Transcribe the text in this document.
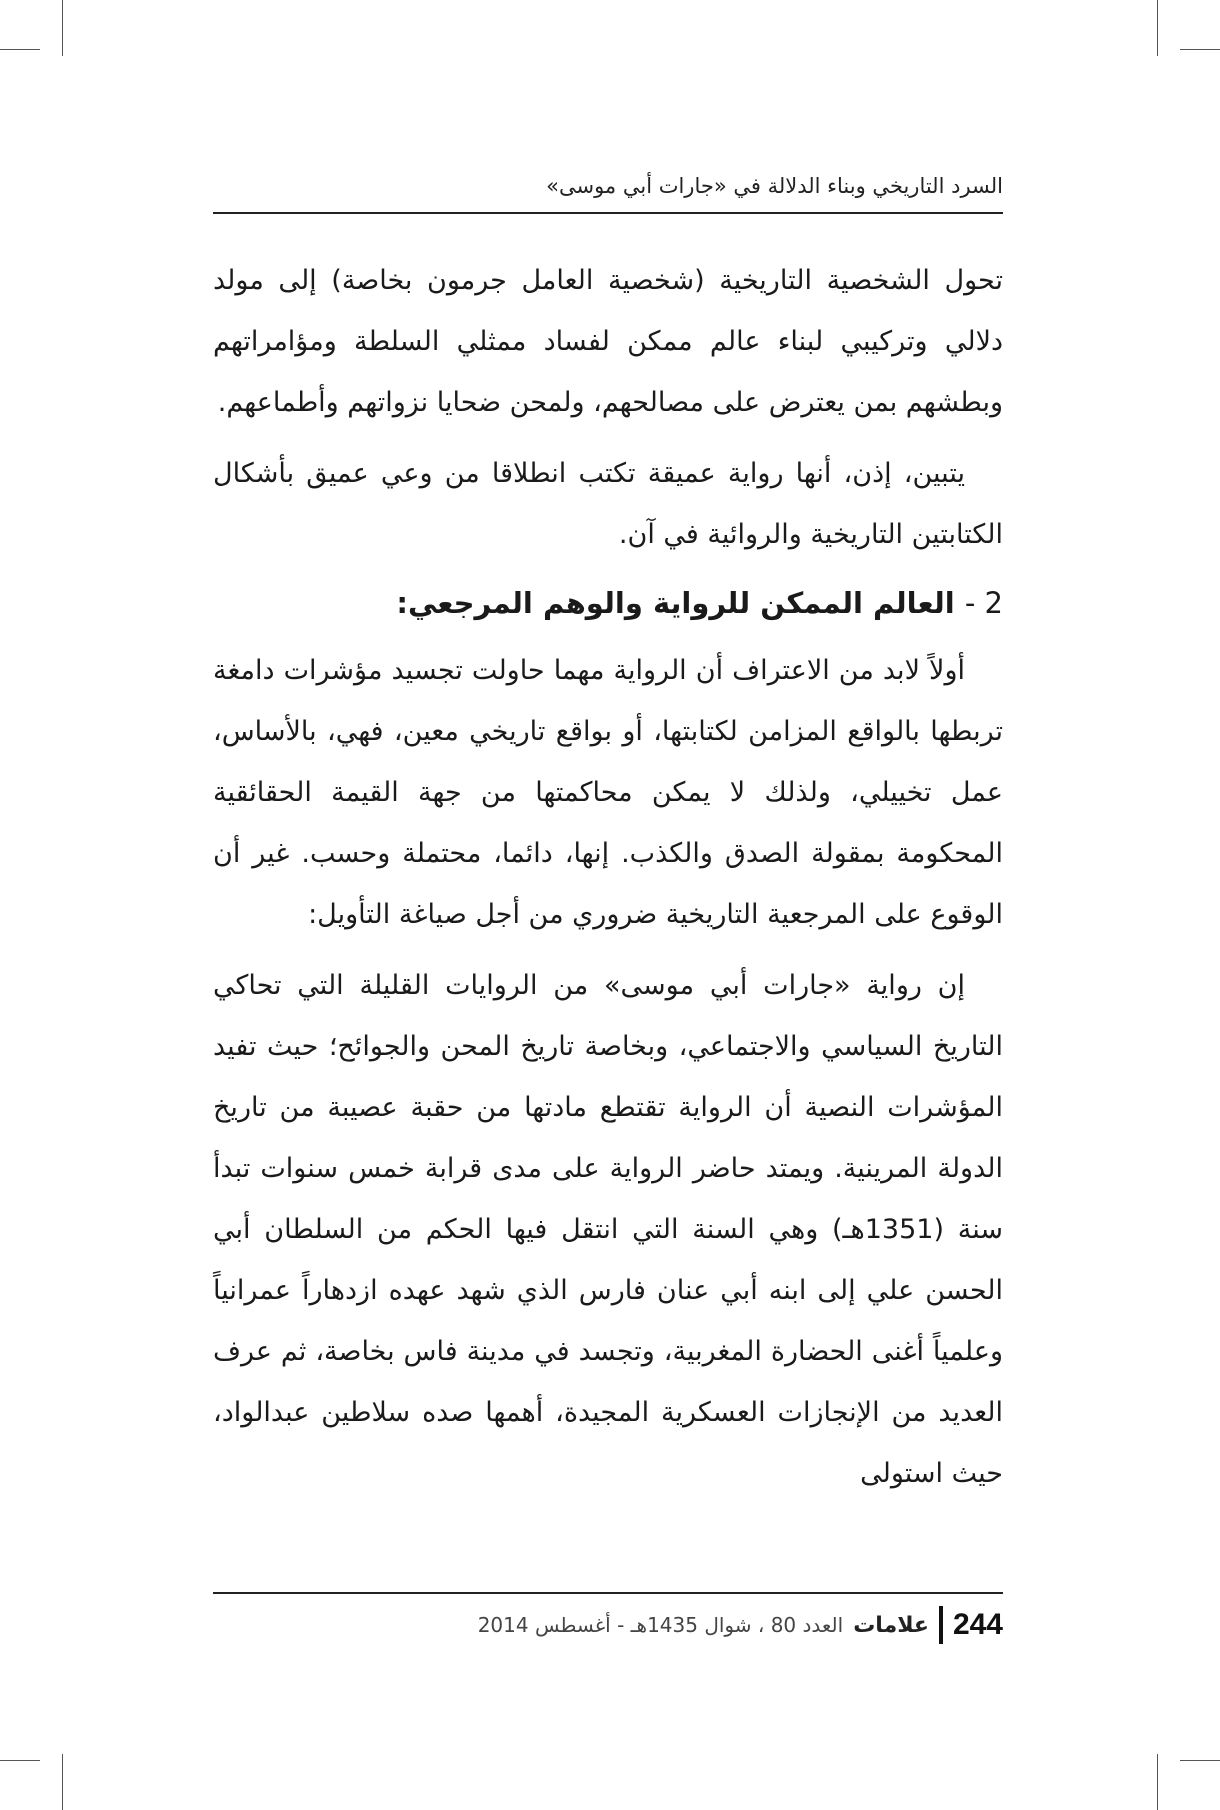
السرد التاريخي وبناء الدلالة في «جارات أبي موسى»

تحول الشخصية التاريخية (شخصية العامل جرمون بخاصة) إلى مولد دلالي وتركيبي لبناء عالم ممكن لفساد ممثلي السلطة ومؤامراتهم وبطشهم بمن يعترض على مصالحهم، ولمحن ضحايا نزواتهم وأطماعهم.

يتبين، إذن، أنها رواية عميقة تكتب انطلاقا من وعي عميق بأشكال الكتابتين التاريخية والروائية في آن.

2 - العالم الممكن للرواية والوهم المرجعي:

أولاً لابد من الاعتراف أن الرواية مهما حاولت تجسيد مؤشرات دامغة تربطها بالواقع المزامن لكتابتها، أو بواقع تاريخي معين، فهي، بالأساس، عمل تخييلي، ولذلك لا يمكن محاكمتها من جهة القيمة الحقائقية المحكومة بمقولة الصدق والكذب. إنها، دائما، محتملة وحسب. غير أن الوقوع على المرجعية التاريخية ضروري من أجل صياغة التأويل:

إن رواية «جارات أبي موسى» من الروايات القليلة التي تحاكي التاريخ السياسي والاجتماعي، وبخاصة تاريخ المحن والجوائح؛ حيث تفيد المؤشرات النصية أن الرواية تقتطع مادتها من حقبة عصيبة من تاريخ الدولة المرينية. ويمتد حاضر الرواية على مدى قرابة خمس سنوات تبدأ سنة (1351هـ) وهي السنة التي انتقل فيها الحكم من السلطان أبي الحسن علي إلى ابنه أبي عنان فارس الذي شهد عهده ازدهاراً عمرانياً وعلمياً أغنى الحضارة المغربية، وتجسد في مدينة فاس بخاصة، ثم عرف العديد من الإنجازات العسكرية المجيدة، أهمها صده سلاطين عبدالواد، حيث استولى

244
علامات
العدد 80 ، شوال 1435هـ - أغسطس 2014
